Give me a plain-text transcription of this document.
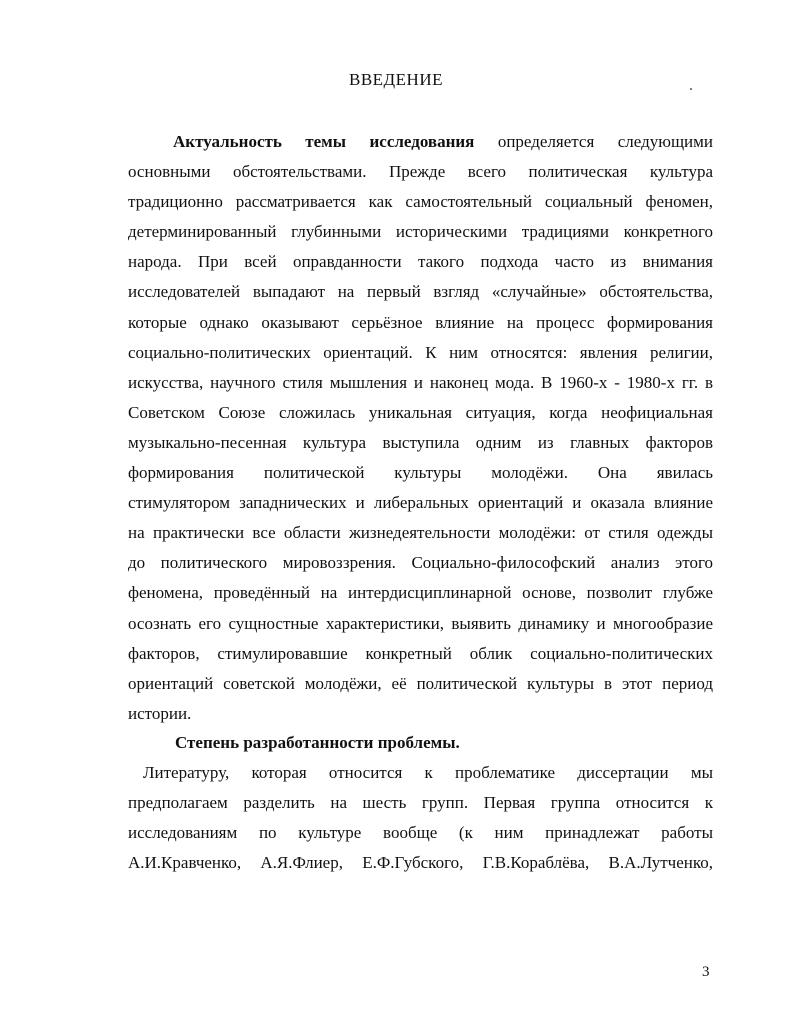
ВВЕДЕНИЕ
Актуальность темы исследования определяется следующими
основными обстоятельствами. Прежде всего политическая культура
традиционно рассматривается как самостоятельный социальный феномен,
детерминированный глубинными историческими традициями конкретного
народа. При всей оправданности такого подхода часто из внимания
исследователей выпадают на первый взгляд «случайные» обстоятельства,
которые однако оказывают серьёзное влияние на процесс формирования
социально-политических ориентаций. К ним относятся: явления религии,
искусства, научного стиля мышления и наконец мода. В 1960-х - 1980-х гг. в
Советском Союзе сложилась уникальная ситуация, когда неофициальная
музыкально-песенная культура выступила одним из главных факторов
формирования политической культуры молодёжи. Она явилась
стимулятором западнических и либеральных ориентаций и оказала влияние
на практически все области жизнедеятельности молодёжи: от стиля одежды
до политического мировоззрения. Социально-философский анализ этого
феномена, проведённый на интердисциплинарной основе, позволит глубже
осознать его сущностные характеристики, выявить динамику и многообразие
факторов, стимулировавшие конкретный облик социально-политических
ориентаций советской молодёжи, её политической культуры в этот период
истории.
Степень разработанности проблемы.
Литературу, которая относится к проблематике диссертации мы
предполагаем разделить на шесть групп. Первая группа относится к
исследованиям по культуре вообще (к ним принадлежат работы
А.И.Кравченко, А.Я.Флиер, Е.Ф.Губского, Г.В.Кораблёва, В.А.Лутченко,
3
